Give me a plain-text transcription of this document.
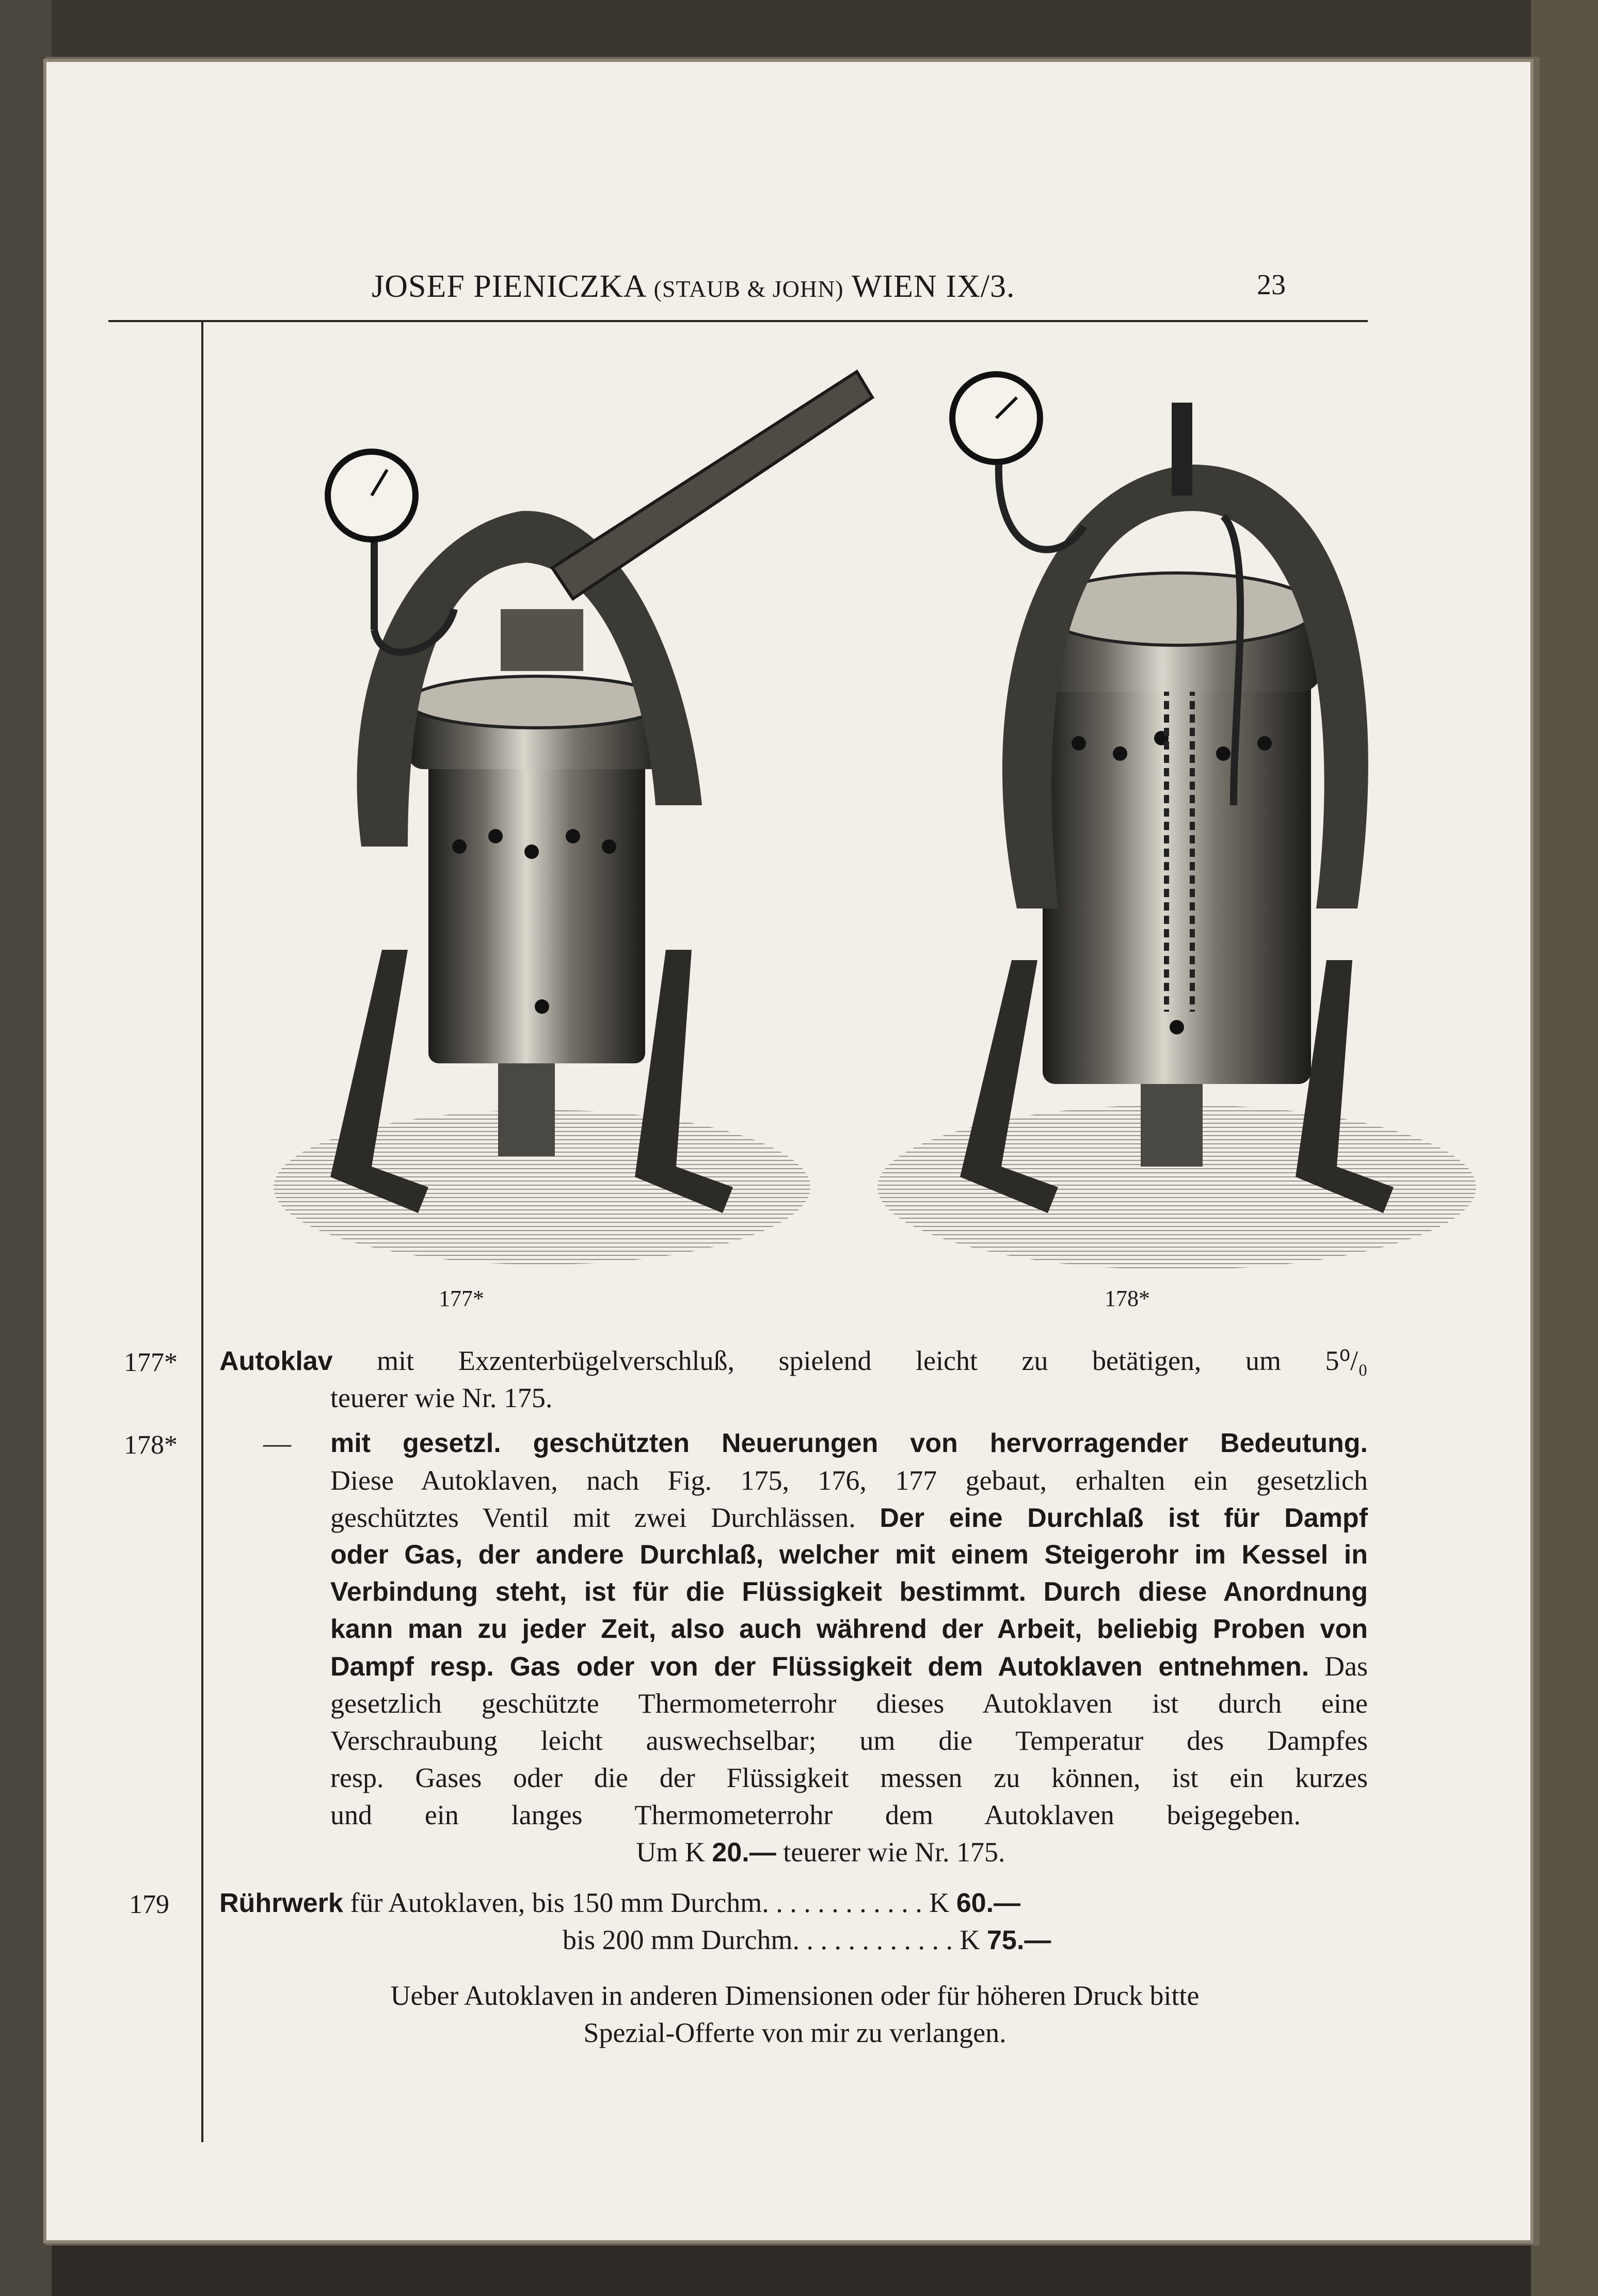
JOSEF PIENICZKA (STAUB & JOHN) WIEN IX/3.	23
177*	178*
177* Autoklav mit Exzenterbügelverschluß, spielend leicht zu betätigen, um 5⁰/₀
teuerer wie Nr. 175.
178*	—	mit gesetzl. geschützten Neuerungen von hervorragender Bedeutung.
Diese Autoklaven, nach Fig. 175, 176, 177 gebaut, erhalten ein gesetzlich
geschütztes Ventil mit zwei Durchlässen. Der eine Durchlaß ist für Dampf
oder Gas, der andere Durchlaß, welcher mit einem Steigerohr im Kessel in
Verbindung steht, ist für die Flüssigkeit bestimmt. Durch diese Anordnung
kann man zu jeder Zeit, also auch während der Arbeit, beliebig Proben von
Dampf resp. Gas oder von der Flüssigkeit dem Autoklaven entnehmen. Das
gesetzlich geschützte Thermometerrohr dieses Autoklaven ist durch eine
Verschraubung leicht auswechselbar; um die Temperatur des Dampfes
resp. Gases oder die der Flüssigkeit messen zu können, ist ein kurzes
und ein langes Thermometerrohr dem Autoklaven beigegeben.
Um K 20.— teuerer wie Nr. 175.
179 Rührwerk für Autoklaven, bis 150 mm Durchm. . . . . . . . . . . . K 60.—
bis 200 mm Durchm. . . . . . . . . . . . K 75.—
Ueber Autoklaven in anderen Dimensionen oder für höheren Druck bitte
Spezial-Offerte von mir zu verlangen.
